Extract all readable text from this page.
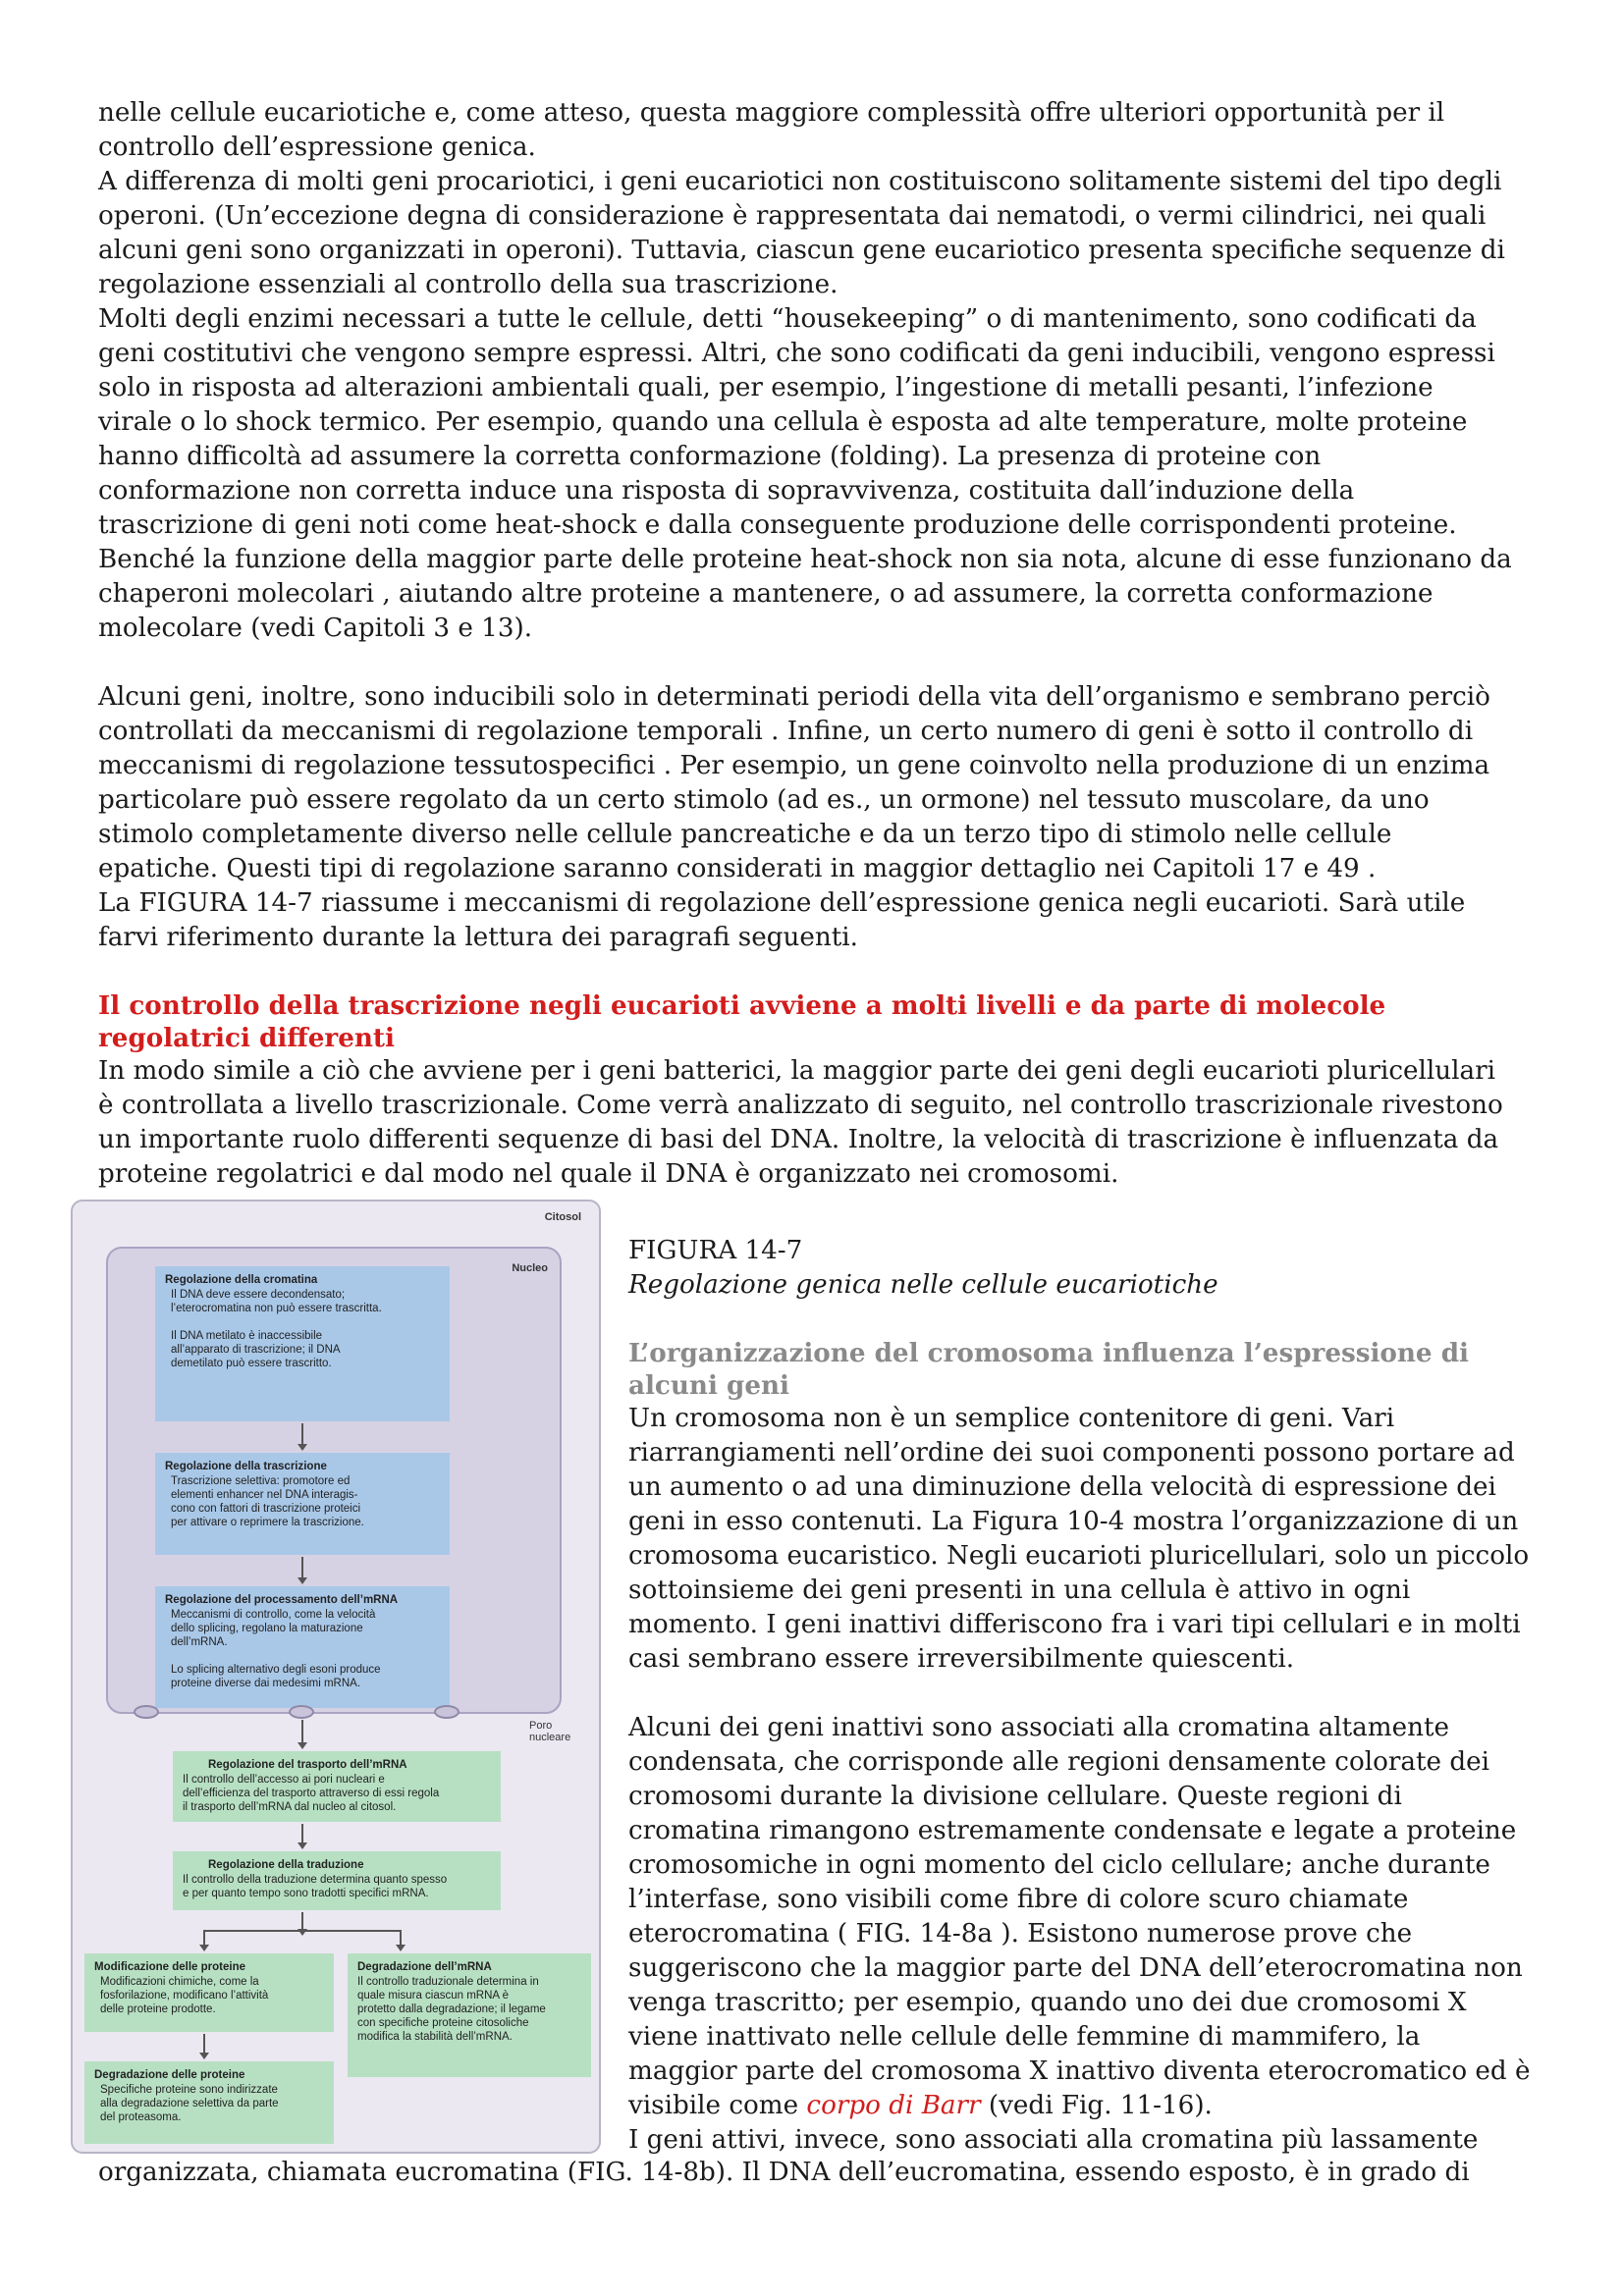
nelle cellule eucariotiche e, come atteso, questa maggiore complessità offre ulteriori opportunità per il controllo dell’espressione genica.

A differenza di molti geni procariotici, i geni eucariotici non costituiscono solitamente sistemi del tipo degli operoni. (Un’eccezione degna di considerazione è rappresentata dai nematodi, o vermi cilindrici, nei quali alcuni geni sono organizzati in operoni). Tuttavia, ciascun gene eucariotico presenta specifiche sequenze di regolazione essenziali al controllo della sua trascrizione.

Molti degli enzimi necessari a tutte le cellule, detti “housekeeping” o di mantenimento, sono codificati da geni costitutivi che vengono sempre espressi. Altri, che sono codificati da geni inducibili, vengono espressi solo in risposta ad alterazioni ambientali quali, per esempio, l’ingestione di metalli pesanti, l’infezione virale o lo shock termico. Per esempio, quando una cellula è esposta ad alte temperature, molte proteine hanno difficoltà ad assumere la corretta conformazione (folding). La presenza di proteine con conformazione non corretta induce una risposta di sopravvivenza, costituita dall’induzione della trascrizione di geni noti come heat-shock e dalla conseguente produzione delle corrispondenti proteine. Benché la funzione della maggior parte delle proteine heat-shock non sia nota, alcune di esse funzionano da chaperoni molecolari , aiutando altre proteine a mantenere, o ad assumere, la corretta conformazione molecolare (vedi Capitoli 3 e 13).

Alcuni geni, inoltre, sono inducibili solo in determinati periodi della vita dell’organismo e sembrano perciò controllati da meccanismi di regolazione temporali . Infine, un certo numero di geni è sotto il controllo di meccanismi di regolazione tessutospecifici . Per esempio, un gene coinvolto nella produzione di un enzima particolare può essere regolato da un certo stimolo (ad es., un ormone) nel tessuto muscolare, da uno stimolo completamente diverso nelle cellule pancreatiche e da un terzo tipo di stimolo nelle cellule epatiche. Questi tipi di regolazione saranno considerati in maggior dettaglio nei Capitoli 17 e 49 .

La FIGURA 14-7 riassume i meccanismi di regolazione dell’espressione genica negli eucarioti. Sarà utile farvi riferimento durante la lettura dei paragrafi seguenti.

Il controllo della trascrizione negli eucarioti avviene a molti livelli e da parte di molecole regolatrici differenti

In modo simile a ciò che avviene per i geni batterici, la maggior parte dei geni degli eucarioti pluricellulari è controllata a livello trascrizionale. Come verrà analizzato di seguito, nel controllo trascrizionale rivestono un importante ruolo differenti sequenze di basi del DNA. Inoltre, la velocità di trascrizione è influenzata da proteine regolatrici e dal modo nel quale il DNA è organizzato nei cromosomi.

Citosol
Nucleo
Regolazione della cromatina
Il DNA deve essere decondensato;
l’eterocromatina non può essere trascritta.

Il DNA metilato è inaccessibile
all’apparato di trascrizione; il DNA
demetilato può essere trascritto.
Regolazione della trascrizione
Trascrizione selettiva: promotore ed
elementi enhancer nel DNA interagis-
cono con fattori di trascrizione proteici
per attivare o reprimere la trascrizione.
Regolazione del processamento dell’mRNA
Meccanismi di controllo, come la velocità
dello splicing, regolano la maturazione
dell’mRNA.

Lo splicing alternativo degli esoni produce
proteine diverse dai medesimi mRNA.
Poro
nucleare
Regolazione del trasporto dell’mRNA
Il controllo dell’accesso ai pori nucleari e
dell’efficienza del trasporto attraverso di essi regola
il trasporto dell’mRNA dal nucleo al citosol.
Regolazione della traduzione
Il controllo della traduzione determina quanto spesso
e per quanto tempo sono tradotti specifici mRNA.
Modificazione delle proteine
Modificazioni chimiche, come la
fosforilazione, modificano l’attività
delle proteine prodotte.
Degradazione dell’mRNA
Il controllo traduzionale determina in
quale misura ciascun mRNA è
protetto dalla degradazione; il legame
con specifiche proteine citosoliche
modifica la stabilità dell’mRNA.
Degradazione delle proteine
Specifiche proteine sono indirizzate
alla degradazione selettiva da parte
del proteasoma.

FIGURA 14-7

Regolazione genica nelle cellule eucariotiche

L’organizzazione del cromosoma influenza l’espressione di alcuni geni

Un cromosoma non è un semplice contenitore di geni. Vari riarrangiamenti nell’ordine dei suoi componenti possono portare ad un aumento o ad una diminuzione della velocità di espressione dei geni in esso contenuti. La Figura 10-4 mostra l’organizzazione di un cromosoma eucaristico. Negli eucarioti pluricellulari, solo un piccolo sottoinsieme dei geni presenti in una cellula è attivo in ogni momento. I geni inattivi differiscono fra i vari tipi cellulari e in molti casi sembrano essere irreversibilmente quiescenti.

Alcuni dei geni inattivi sono associati alla cromatina altamente condensata, che corrisponde alle regioni densamente colorate dei cromosomi durante la divisione cellulare. Queste regioni di cromatina rimangono estremamente condensate e legate a proteine cromosomiche in ogni momento del ciclo cellulare; anche durante l’interfase, sono visibili come fibre di colore scuro chiamate eterocromatina ( FIG. 14-8a ). Esistono numerose prove che suggeriscono che la maggior parte del DNA dell’eterocromatina non venga trascritto; per esempio, quando uno dei due cromosomi X viene inattivato nelle cellule delle femmine di mammifero, la maggior parte del cromosoma X inattivo diventa eterocromatico ed è visibile come corpo di Barr (vedi Fig. 11-16).

I geni attivi, invece, sono associati alla cromatina più lassamente

organizzata, chiamata eucromatina (FIG. 14-8b). Il DNA dell’eucromatina, essendo esposto, è in grado di
